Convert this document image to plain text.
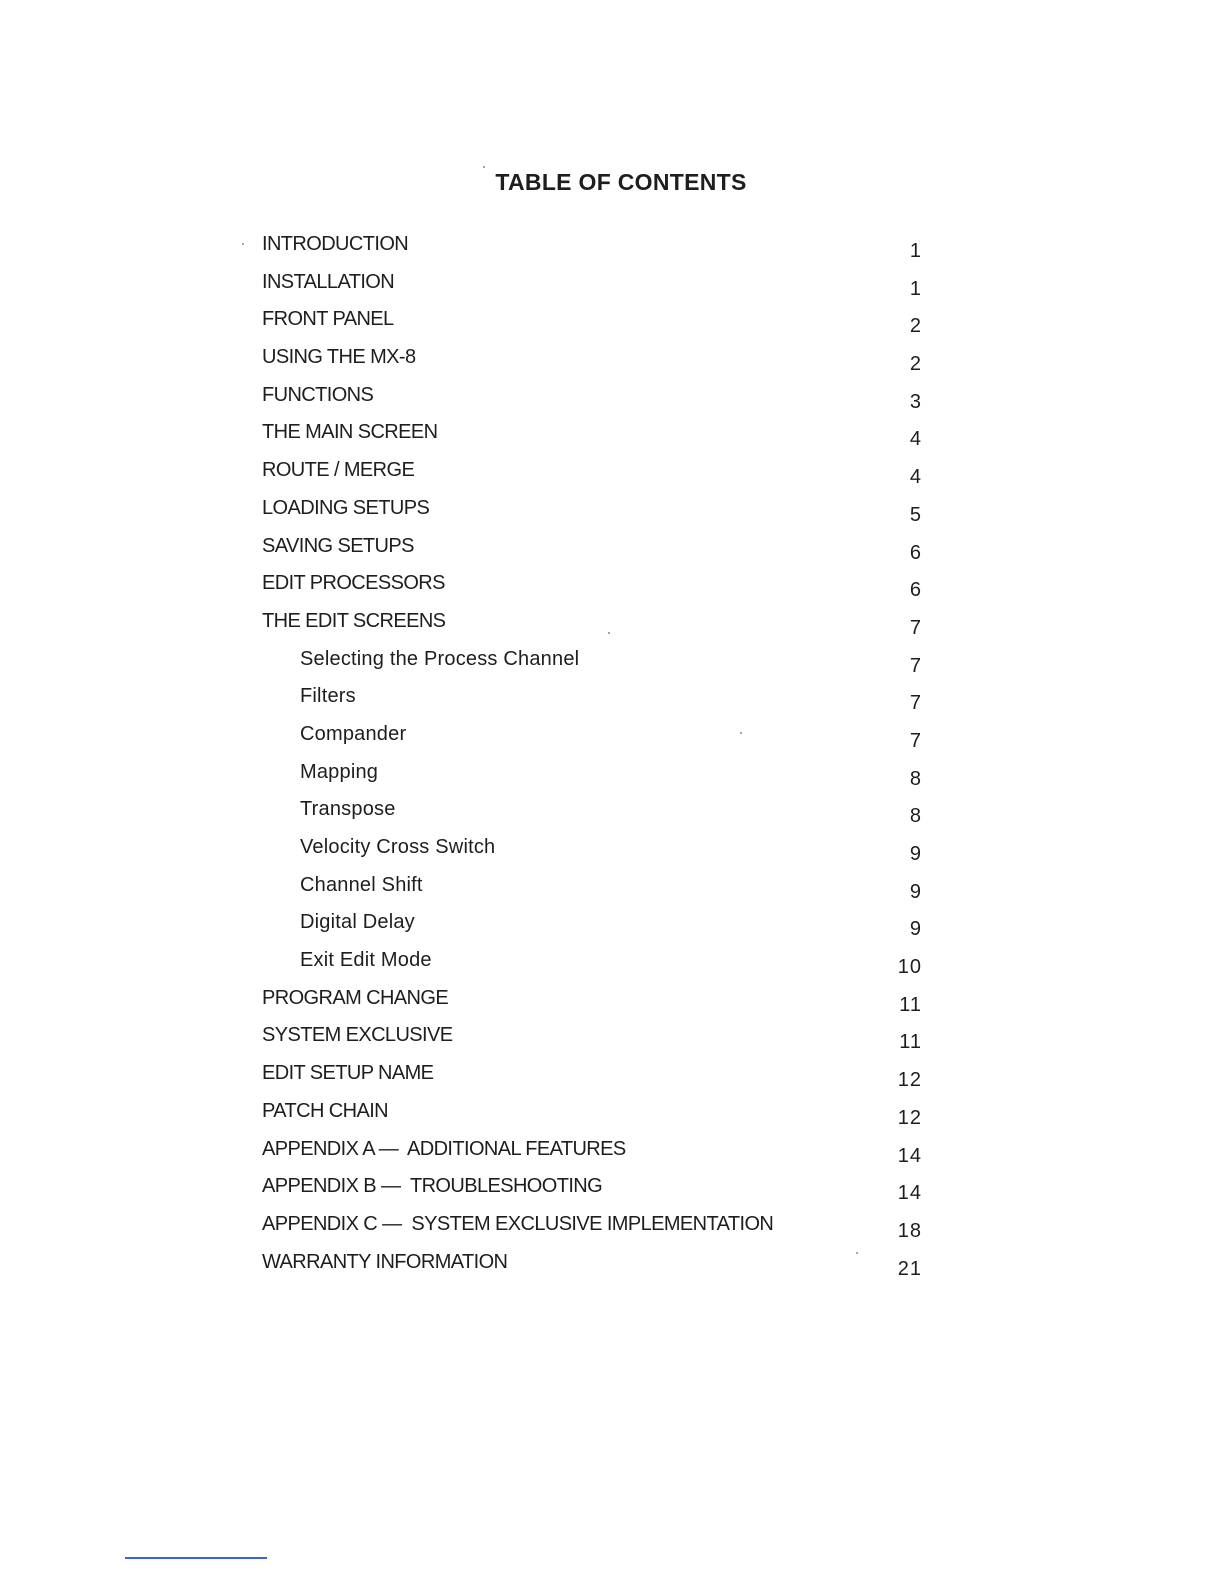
TABLE OF CONTENTS
INTRODUCTION	1
INSTALLATION	1
FRONT PANEL	2
USING THE MX-8	2
FUNCTIONS	3
THE MAIN SCREEN	4
ROUTE / MERGE	4
LOADING SETUPS	5
SAVING SETUPS	6
EDIT PROCESSORS	6
THE EDIT SCREENS	7
Selecting the Process Channel	7
Filters	7
Compander	7
Mapping	8
Transpose	8
Velocity Cross Switch	9
Channel Shift	9
Digital Delay	9
Exit Edit Mode	10
PROGRAM CHANGE	11
SYSTEM EXCLUSIVE	11
EDIT SETUP NAME	12
PATCH CHAIN	12
APPENDIX A —  ADDITIONAL FEATURES	14
APPENDIX B —  TROUBLESHOOTING	14
APPENDIX C —  SYSTEM EXCLUSIVE IMPLEMENTATION	18
WARRANTY INFORMATION	21
